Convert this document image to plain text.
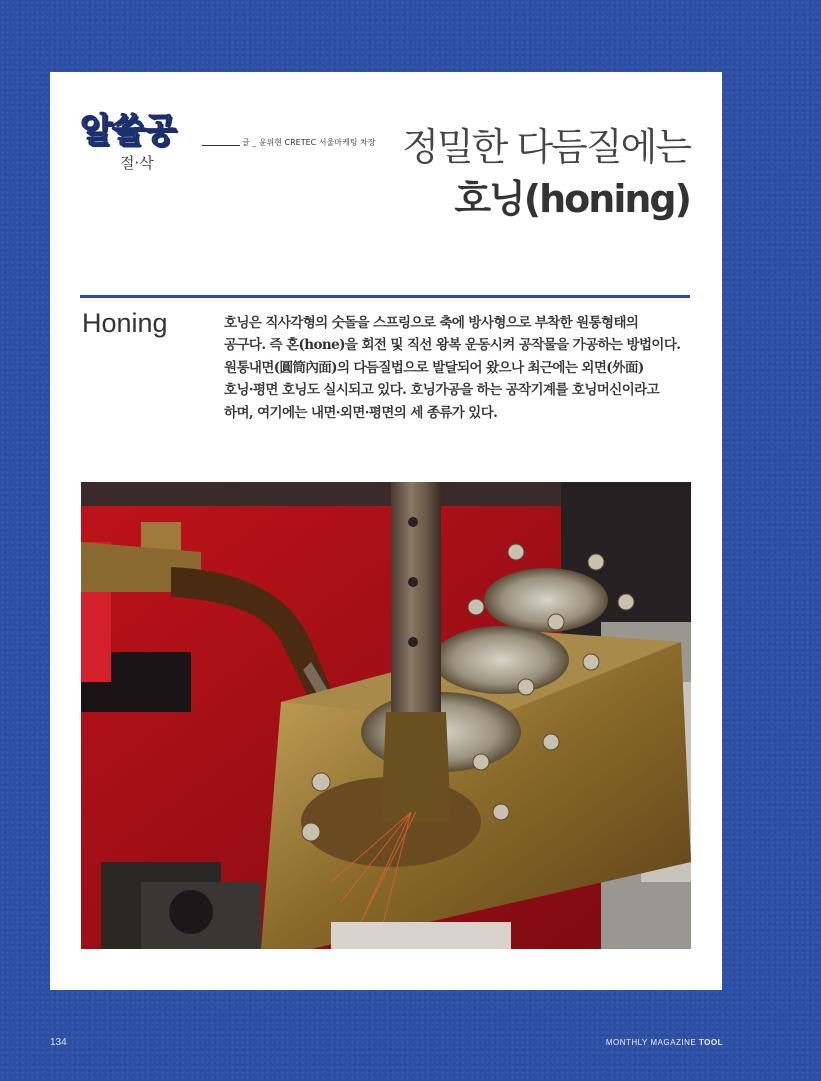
알쓸공
절·삭
글 _ 윤위현 CRETEC 서울마케팅 차장 정밀한 다듬질에는
호닝(honing)
Honing	호닝은 직사각형의 숫돌을 스프링으로 축에 방사형으로 부착한 원통형태의
공구다. 즉 혼(hone)을 회전 및 직선 왕복 운동시켜 공작물을 가공하는 방법이다.
원통내면(圓筒內面)의 다듬질법으로 발달되어 왔으나 최근에는 외면(外面)
호닝·평면 호닝도 실시되고 있다. 호닝가공을 하는 공작기계를 호닝머신이라고
하며, 여기에는 내면·외면·평면의 세 종류가 있다.
134	MONTHLY MAGAZINE TOOL
